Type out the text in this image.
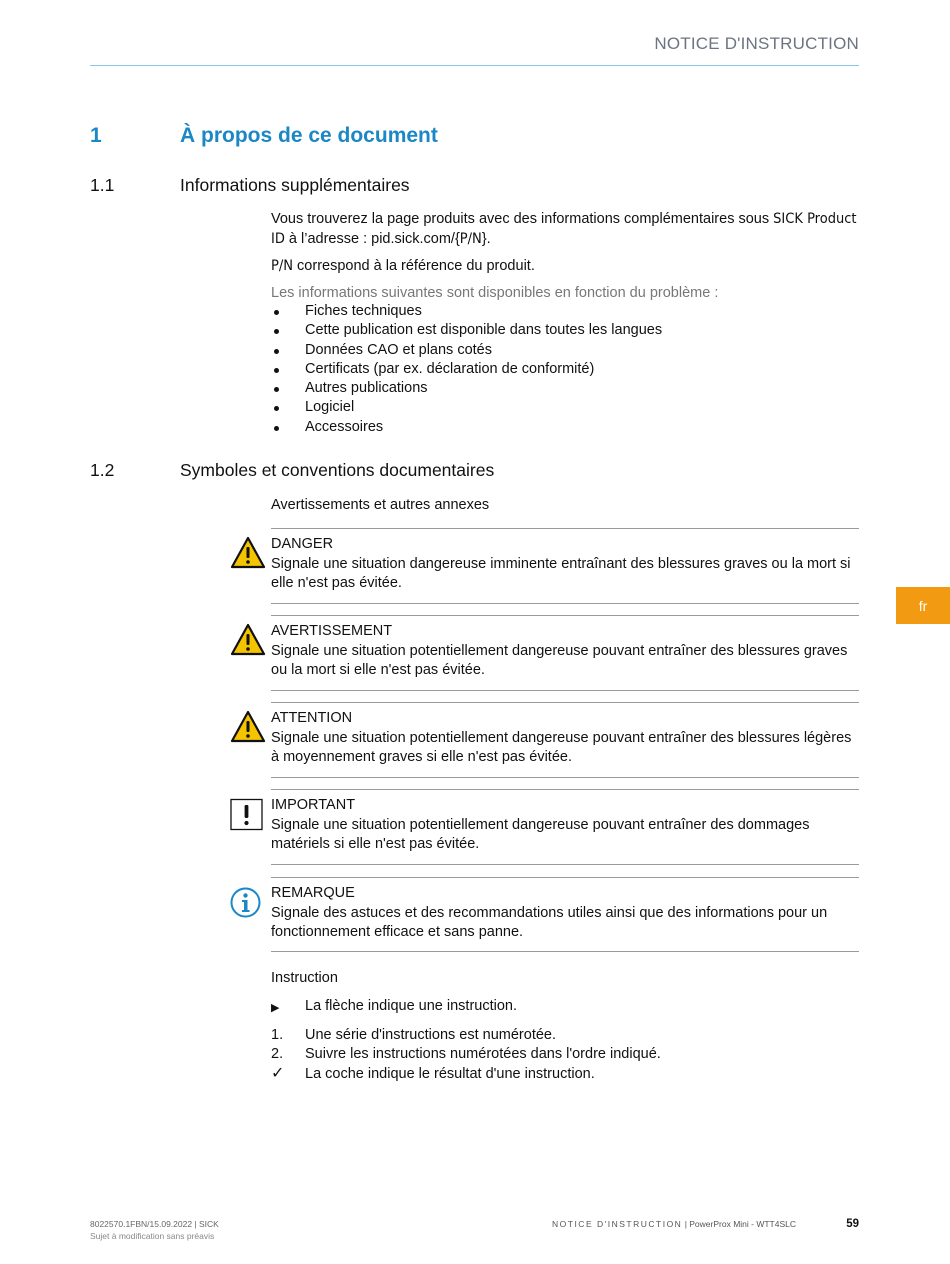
NOTICE D'INSTRUCTION
1	À propos de ce document
1.1	Informations supplémentaires

Vous trouverez la page produits avec des informations complémentaires sous SICK Product ID à l’adresse : pid.sick.com/{P/N}.

P/N correspond à la référence du produit.

Les informations suivantes sont disponibles en fonction du problème :

Fiches techniques
Cette publication est disponible dans toutes les langues
Données CAO et plans cotés
Certificats (par ex. déclaration de conformité)
Autres publications
Logiciel
Accessoires
1.2	Symboles et conventions documentaires
Avertissements et autres annexes
DANGER
Signale une situation dangereuse imminente entraînant des blessures graves ou la mort si elle n'est pas évitée.
AVERTISSEMENT
Signale une situation potentiellement dangereuse pouvant entraîner des blessures graves ou la mort si elle n'est pas évitée.
ATTENTION
Signale une situation potentiellement dangereuse pouvant entraîner des blessures légères à moyennement graves si elle n'est pas évitée.
IMPORTANT
Signale une situation potentiellement dangereuse pouvant entraîner des dommages matériels si elle n'est pas évitée.
REMARQUE
Signale des astuces et des recommandations utiles ainsi que des informations pour un fonctionnement efficace et sans panne.
Instruction
▶ La flèche indique une instruction.
1. Une série d'instructions est numérotée.
2. Suivre les instructions numérotées dans l'ordre indiqué.
✓ La coche indique le résultat d'une instruction.
fr
8022570.1FBN/15.09.2022 | SICK
Sujet à modification sans préavis
NOTICE D'INSTRUCTION | PowerProx Mini - WTT4SLC	59
